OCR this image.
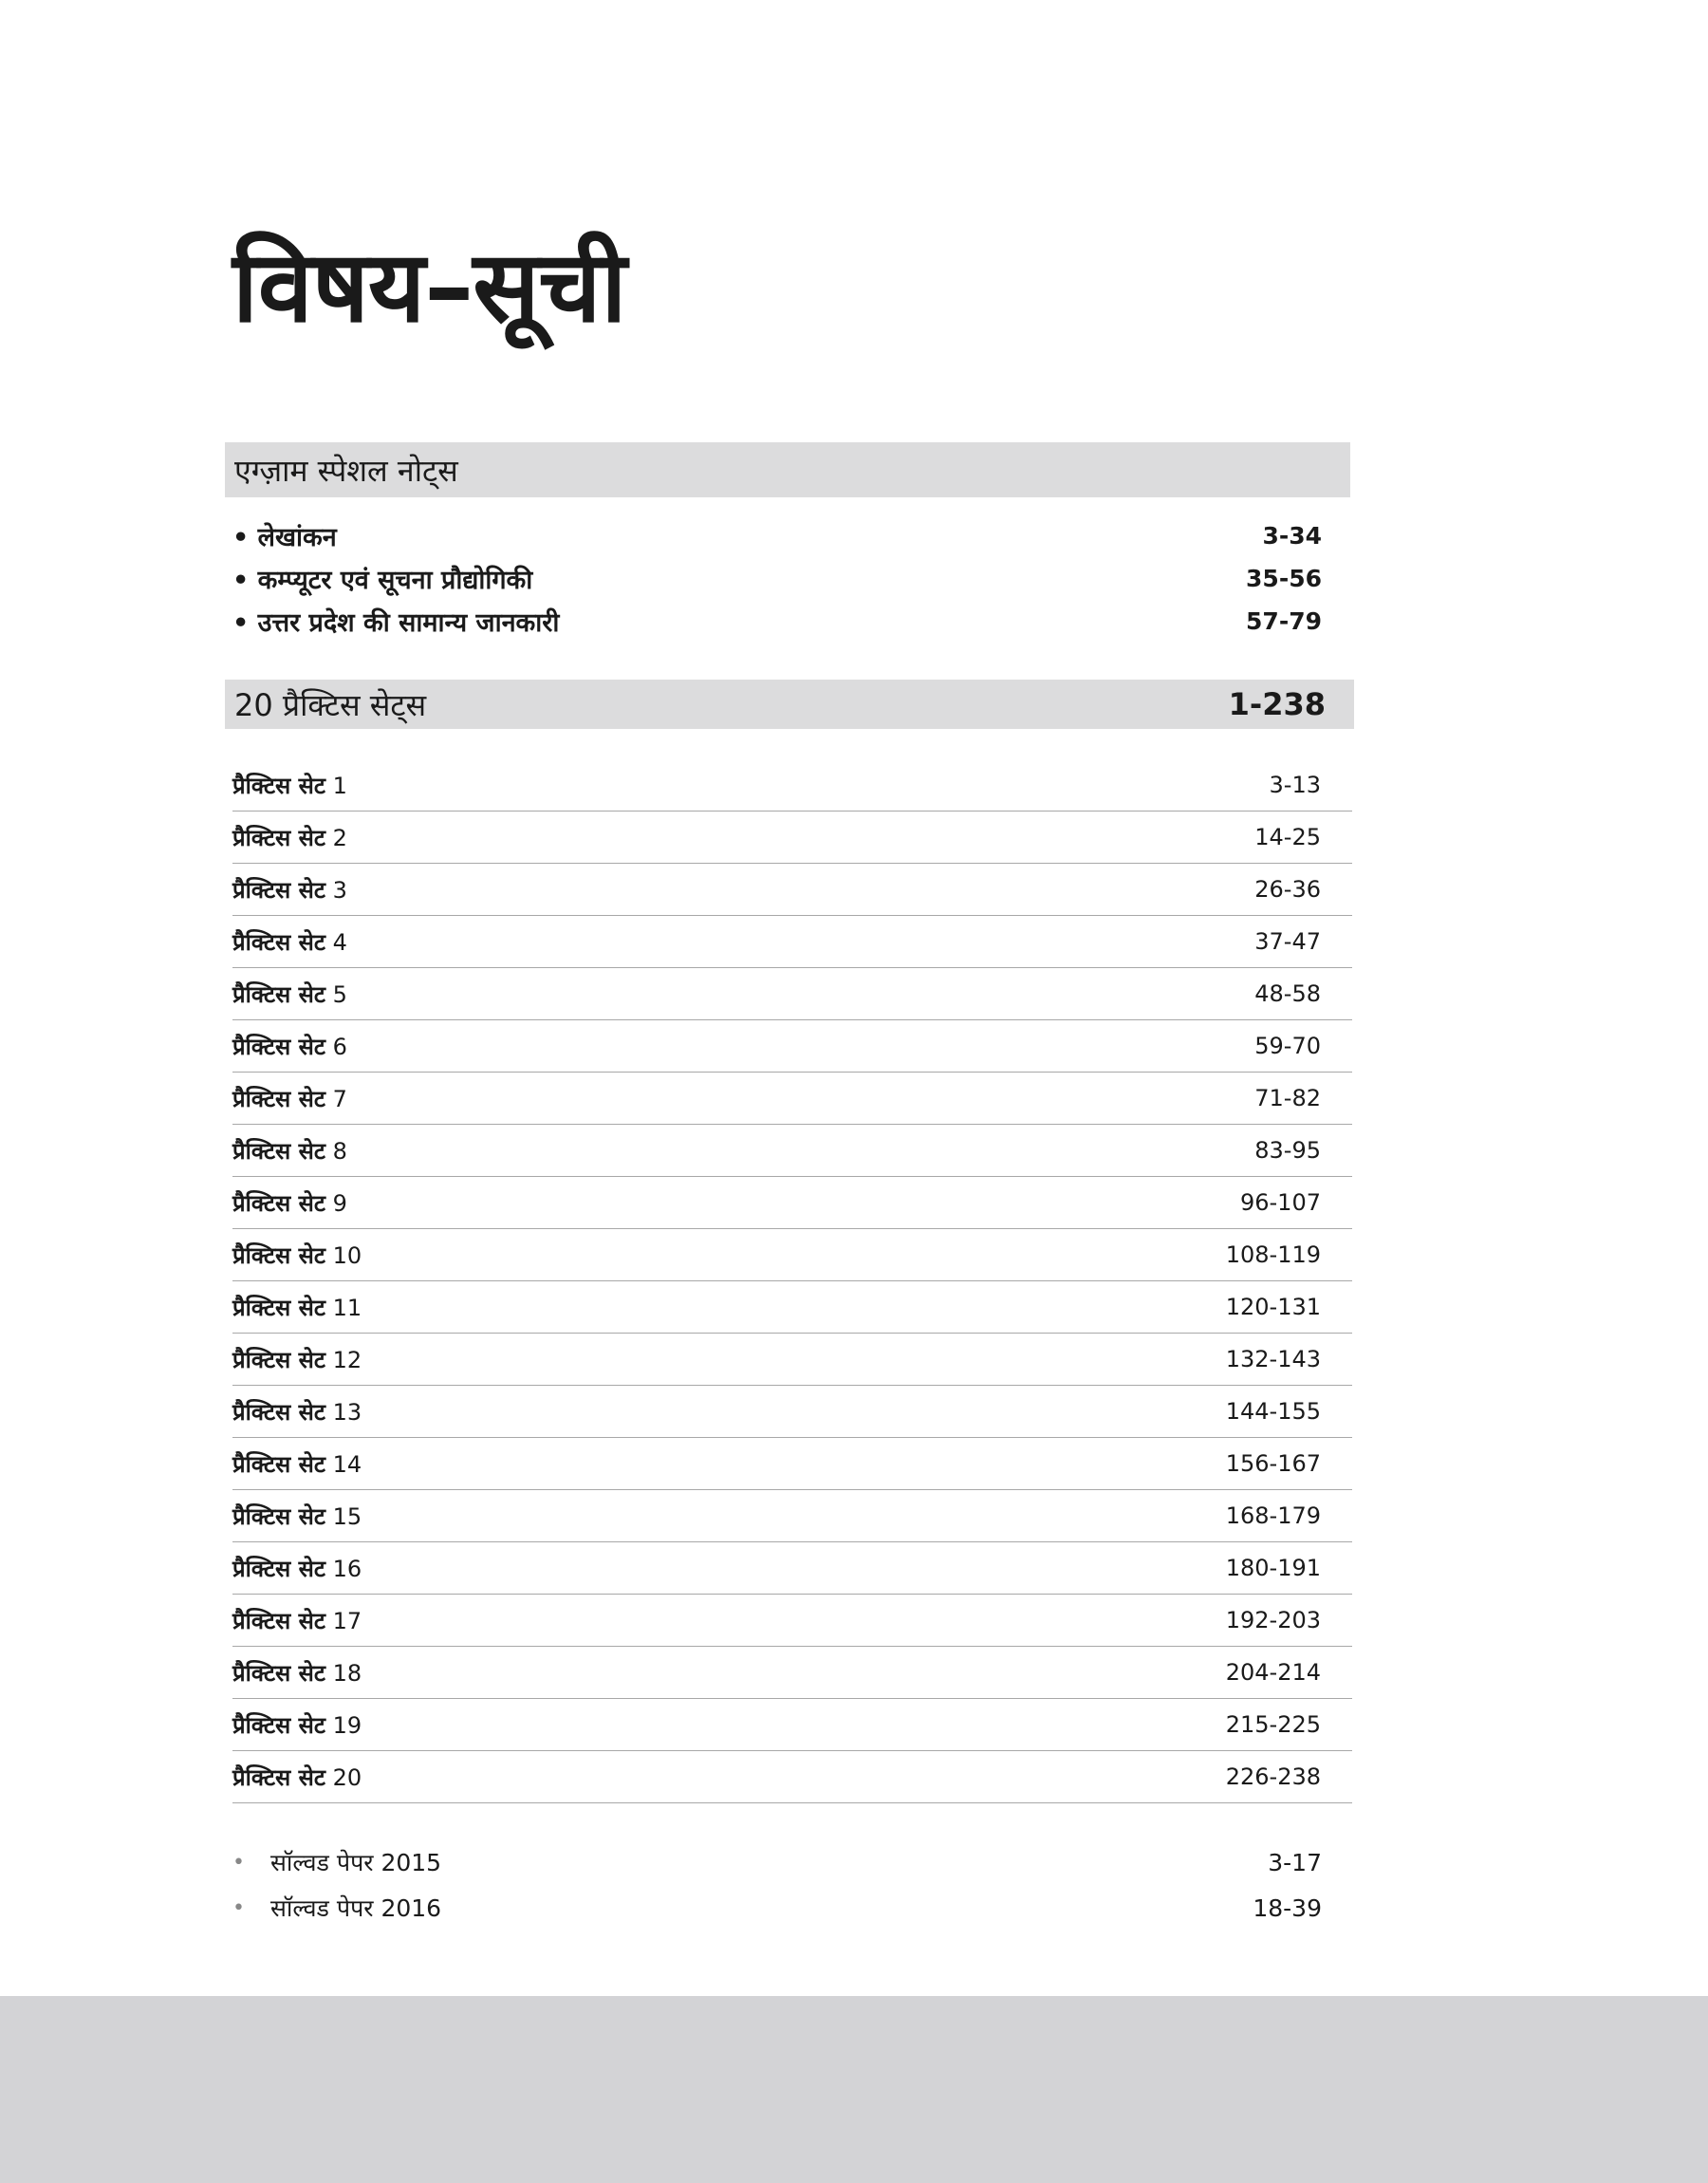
विषय–सूची
एग्ज़ाम स्पेशल नोट्स
• लेखांकन	3-34
• कम्प्यूटर एवं सूचना प्रौद्योगिकी	35-56
• उत्तर प्रदेश की सामान्य जानकारी	57-79
20 प्रैक्टिस सेट्स	1-238
प्रैक्टिस सेट 1	3-13
प्रैक्टिस सेट 2	14-25
प्रैक्टिस सेट 3	26-36
प्रैक्टिस सेट 4	37-47
प्रैक्टिस सेट 5	48-58
प्रैक्टिस सेट 6	59-70
प्रैक्टिस सेट 7	71-82
प्रैक्टिस सेट 8	83-95
प्रैक्टिस सेट 9	96-107
प्रैक्टिस सेट 10	108-119
प्रैक्टिस सेट 11	120-131
प्रैक्टिस सेट 12	132-143
प्रैक्टिस सेट 13	144-155
प्रैक्टिस सेट 14	156-167
प्रैक्टिस सेट 15	168-179
प्रैक्टिस सेट 16	180-191
प्रैक्टिस सेट 17	192-203
प्रैक्टिस सेट 18	204-214
प्रैक्टिस सेट 19	215-225
प्रैक्टिस सेट 20	226-238
•	सॉल्वड पेपर 2015	3-17
•	सॉल्वड पेपर 2016	18-39
